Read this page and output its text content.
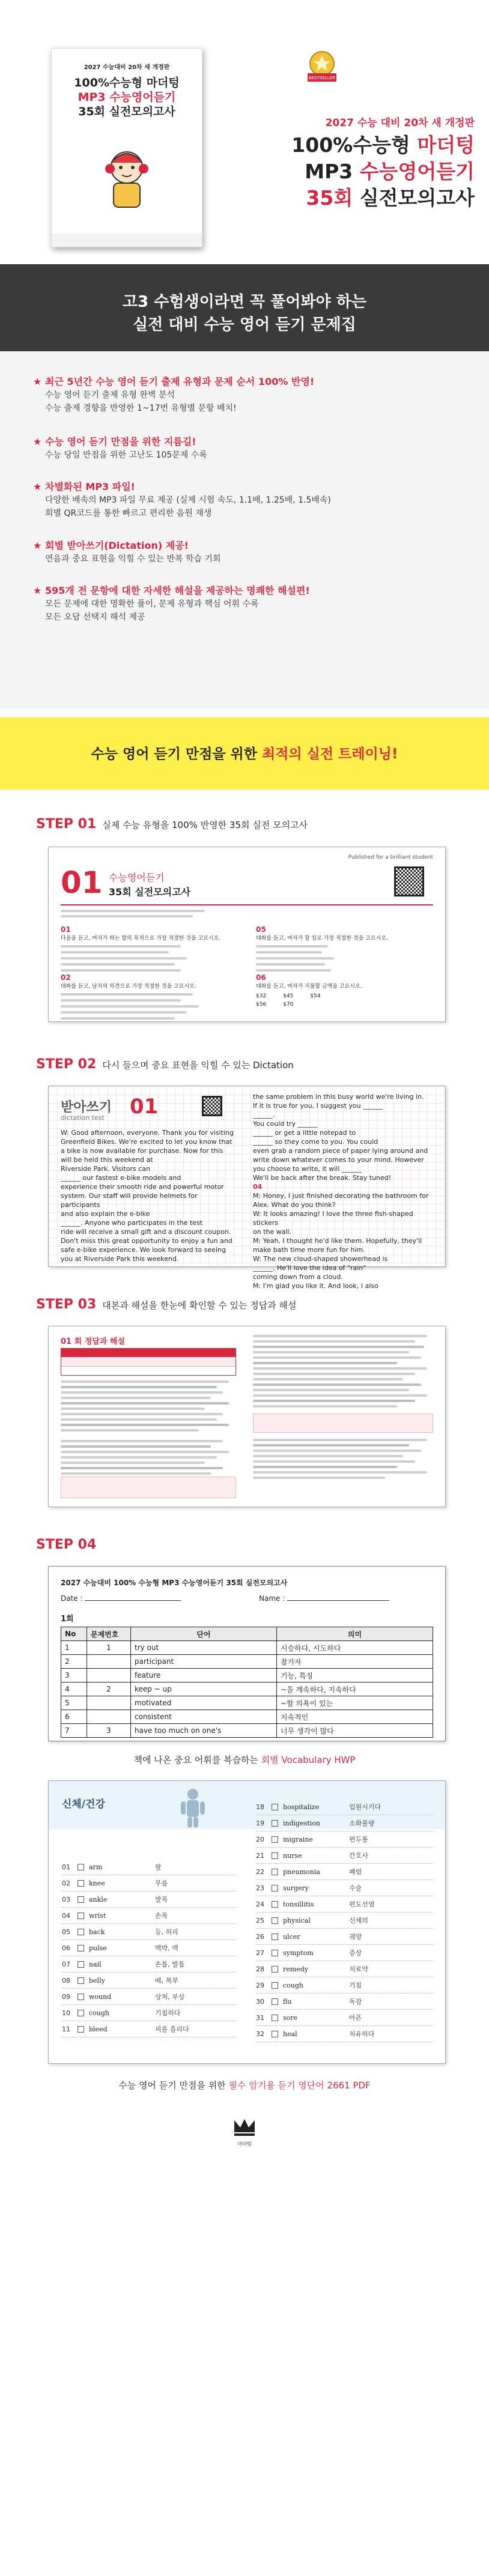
2027 수능대비 20차 새 개정판
100%수능형 마더텅
MP3 수능영어듣기
35회 실전모의고사
BESTSELLER
2027 수능 대비 20차 새 개정판
100%수능형 마더텅
MP3 수능영어듣기
35회 실전모의고사
고3 수험생이라면 꼭 풀어봐야 하는
실전 대비 수능 영어 듣기 문제집
★ 최근 5년간 수능 영어 듣기 출제 유형과 문제 순서 100% 반영!
수능 영어 듣기 출제 유형 완벽 분석
수능 출제 경향을 반영한 1~17번 유형별 문항 배치!
★ 수능 영어 듣기 만점을 위한 지름길!
수능 당일 만점을 위한 고난도 105문제 수록
★ 차별화된 MP3 파일!
다양한 배속의 MP3 파일 무료 제공 (실제 시험 속도, 1.1배, 1.25배, 1.5배속)
회별 QR코드를 통한 빠르고 편리한 음원 재생
★ 회별 받아쓰기(Dictation) 제공!
연음과 중요 표현을 익힐 수 있는 반복 학습 기회
★ 595개 전 문항에 대한 자세한 해설을 제공하는 명쾌한 해설편!
모든 문제에 대한 명확한 풀이, 문제 유형과 핵심 어휘 수록
모든 오답 선택지 해석 제공
수능 영어 듣기 만점을 위한 최적의 실전 트레이닝!
STEP 01 실제 수능 유형을 100% 반영한 35회 실전 모의고사
Published for a brilliant student
01 수능영어듣기
35회 실전모의고사
01
다음을 듣고, 여자가 하는 말의 목적으로 가장 적절한 것을 고르시오.
02
대화를 듣고, 남자의 의견으로 가장 적절한 것을 고르시오.
05
대화를 듣고, 여자가 할 일로 가장 적절한 것을 고르시오.
06
대화를 듣고, 여자가 지불할 금액을 고르시오.
$32	$45	$54
$56	$70
STEP 02 다시 들으며 중요 표현을 익힐 수 있는 Dictation
받아쓰기
dictation test 01

W: Good afternoon, everyone. Thank you for visiting

Greenfield Bikes. We're excited to let you know that

a bike is now available for purchase. Now for this

will be held this weekend at

Riverside Park. Visitors can

______ our fastest e-bike models and

experience their smooth ride and powerful motor

system. Our staff will provide helmets for participants

and also explain the e-bike

______. Anyone who participates in the test

ride will receive a small gift and a discount coupon.

Don't miss this great opportunity to enjoy a fun and

safe e-bike experience. We look forward to seeing

you at Riverside Park this weekend.

the same problem in this busy world we're living in.

If it is true for you, I suggest you ______

______.

You could try ______

______ or get a little notepad to

______ so they come to you. You could

even grab a random piece of paper lying around and

write down whatever comes to your mind. However

you choose to write, it will ______

We'll be back after the break. Stay tuned!

04

M: Honey, I just finished decorating the bathroom for

Alex. What do you think?

W: It looks amazing! I love the three fish-shaped stickers

on the wall.

M: Yeah, I thought he'd like them. Hopefully, they'll

make bath time more fun for him.

W: The new cloud-shaped showerhead is

______. He'll love the idea of "rain"

coming down from a cloud.

M: I'm glad you like it. And look, I also

STEP 03 대본과 해설을 한눈에 확인할 수 있는 정답과 해설
01 회 정답과 해설
STEP 04
2027 수능대비 100% 수능형 MP3 수능영어듣기 35회 실전모의고사
Date :	Name :
1회
No	문제번호	단어	의미
1	1	try out	시승하다, 시도하다
2		participant	참가자
3		feature	기능, 특징
4	2	keep ~ up	~을 계속하다, 지속하다
5		motivated	~할 의욕이 있는
6		consistent	지속적인
7	3	have too much on one's	너무 생각이 많다
책에 나온 중요 어휘를 복습하는 회별 Vocabulary HWP
신체/건강
01	arm	팔
02	knee	무릎
03	ankle	발목
04	wrist	손목
05	back	등, 허리
06	pulse	맥박, 맥
07	nail	손톱, 발톱
08	belly	배, 복부
09	wound	상처, 부상
10	cough	기침하다
11	bleed	피를 흘리다
18	hospitalize	입원시키다
19	indigestion	소화불량
20	migraine	편두통
21	nurse	간호사
22	pneumonia	폐렴
23	surgery	수술
24	tonsillitis	편도선염
25	physical	신체의
26	ulcer	궤양
27	symptom	증상
28	remedy	치료약
29	cough	기침
30	flu	독감
31	sore	아픈
32	heal	치유하다
수능 영어 듣기 만점을 위한 필수 암기용 듣기 영단어 2661 PDF
마더텅
